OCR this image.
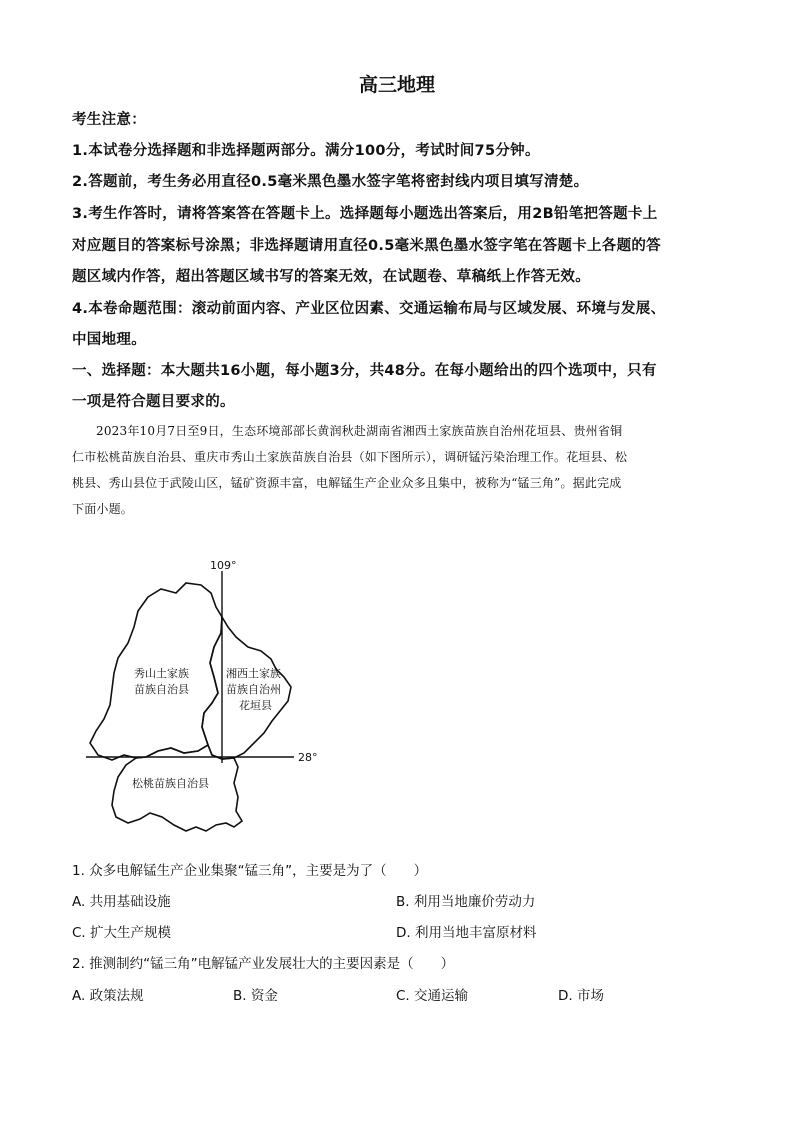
高三地理
考生注意：
1.本试卷分选择题和非选择题两部分。满分100分，考试时间75分钟。
2.答题前，考生务必用直径0.5毫米黑色墨水签字笔将密封线内项目填写清楚。
3.考生作答时，请将答案答在答题卡上。选择题每小题选出答案后，用2B铅笔把答题卡上
对应题目的答案标号涂黑；非选择题请用直径0.5毫米黑色墨水签字笔在答题卡上各题的答
题区域内作答，超出答题区域书写的答案无效，在试题卷、草稿纸上作答无效。
4.本卷命题范围：滚动前面内容、产业区位因素、交通运输布局与区域发展、环境与发展、
中国地理。
一、选择题：本大题共16小题，每小题3分，共48分。在每小题给出的四个选项中，只有
一项是符合题目要求的。

2023年10月7日至9日，生态环境部部长黄润秋赴湖南省湘西土家族苗族自治州花垣县、贵州省铜

仁市松桃苗族自治县、重庆市秀山土家族苗族自治县（如下图所示），调研锰污染治理工作。花垣县、松

桃县、秀山县位于武陵山区，锰矿资源丰富，电解锰生产企业众多且集中，被称为“锰三角”。据此完成

下面小题。

109°
28°
秀山土家族
苗族自治县
湘西土家族
苗族自治州
花垣县
松桃苗族自治县
1. 众多电解锰生产企业集聚“锰三角”，主要是为了（　　）
A. 共用基础设施	B. 利用当地廉价劳动力
C. 扩大生产规模	D. 利用当地丰富原材料
2. 推测制约“锰三角”电解锰产业发展壮大的主要因素是（　　）
A. 政策法规	B. 资金	C. 交通运输	D. 市场
